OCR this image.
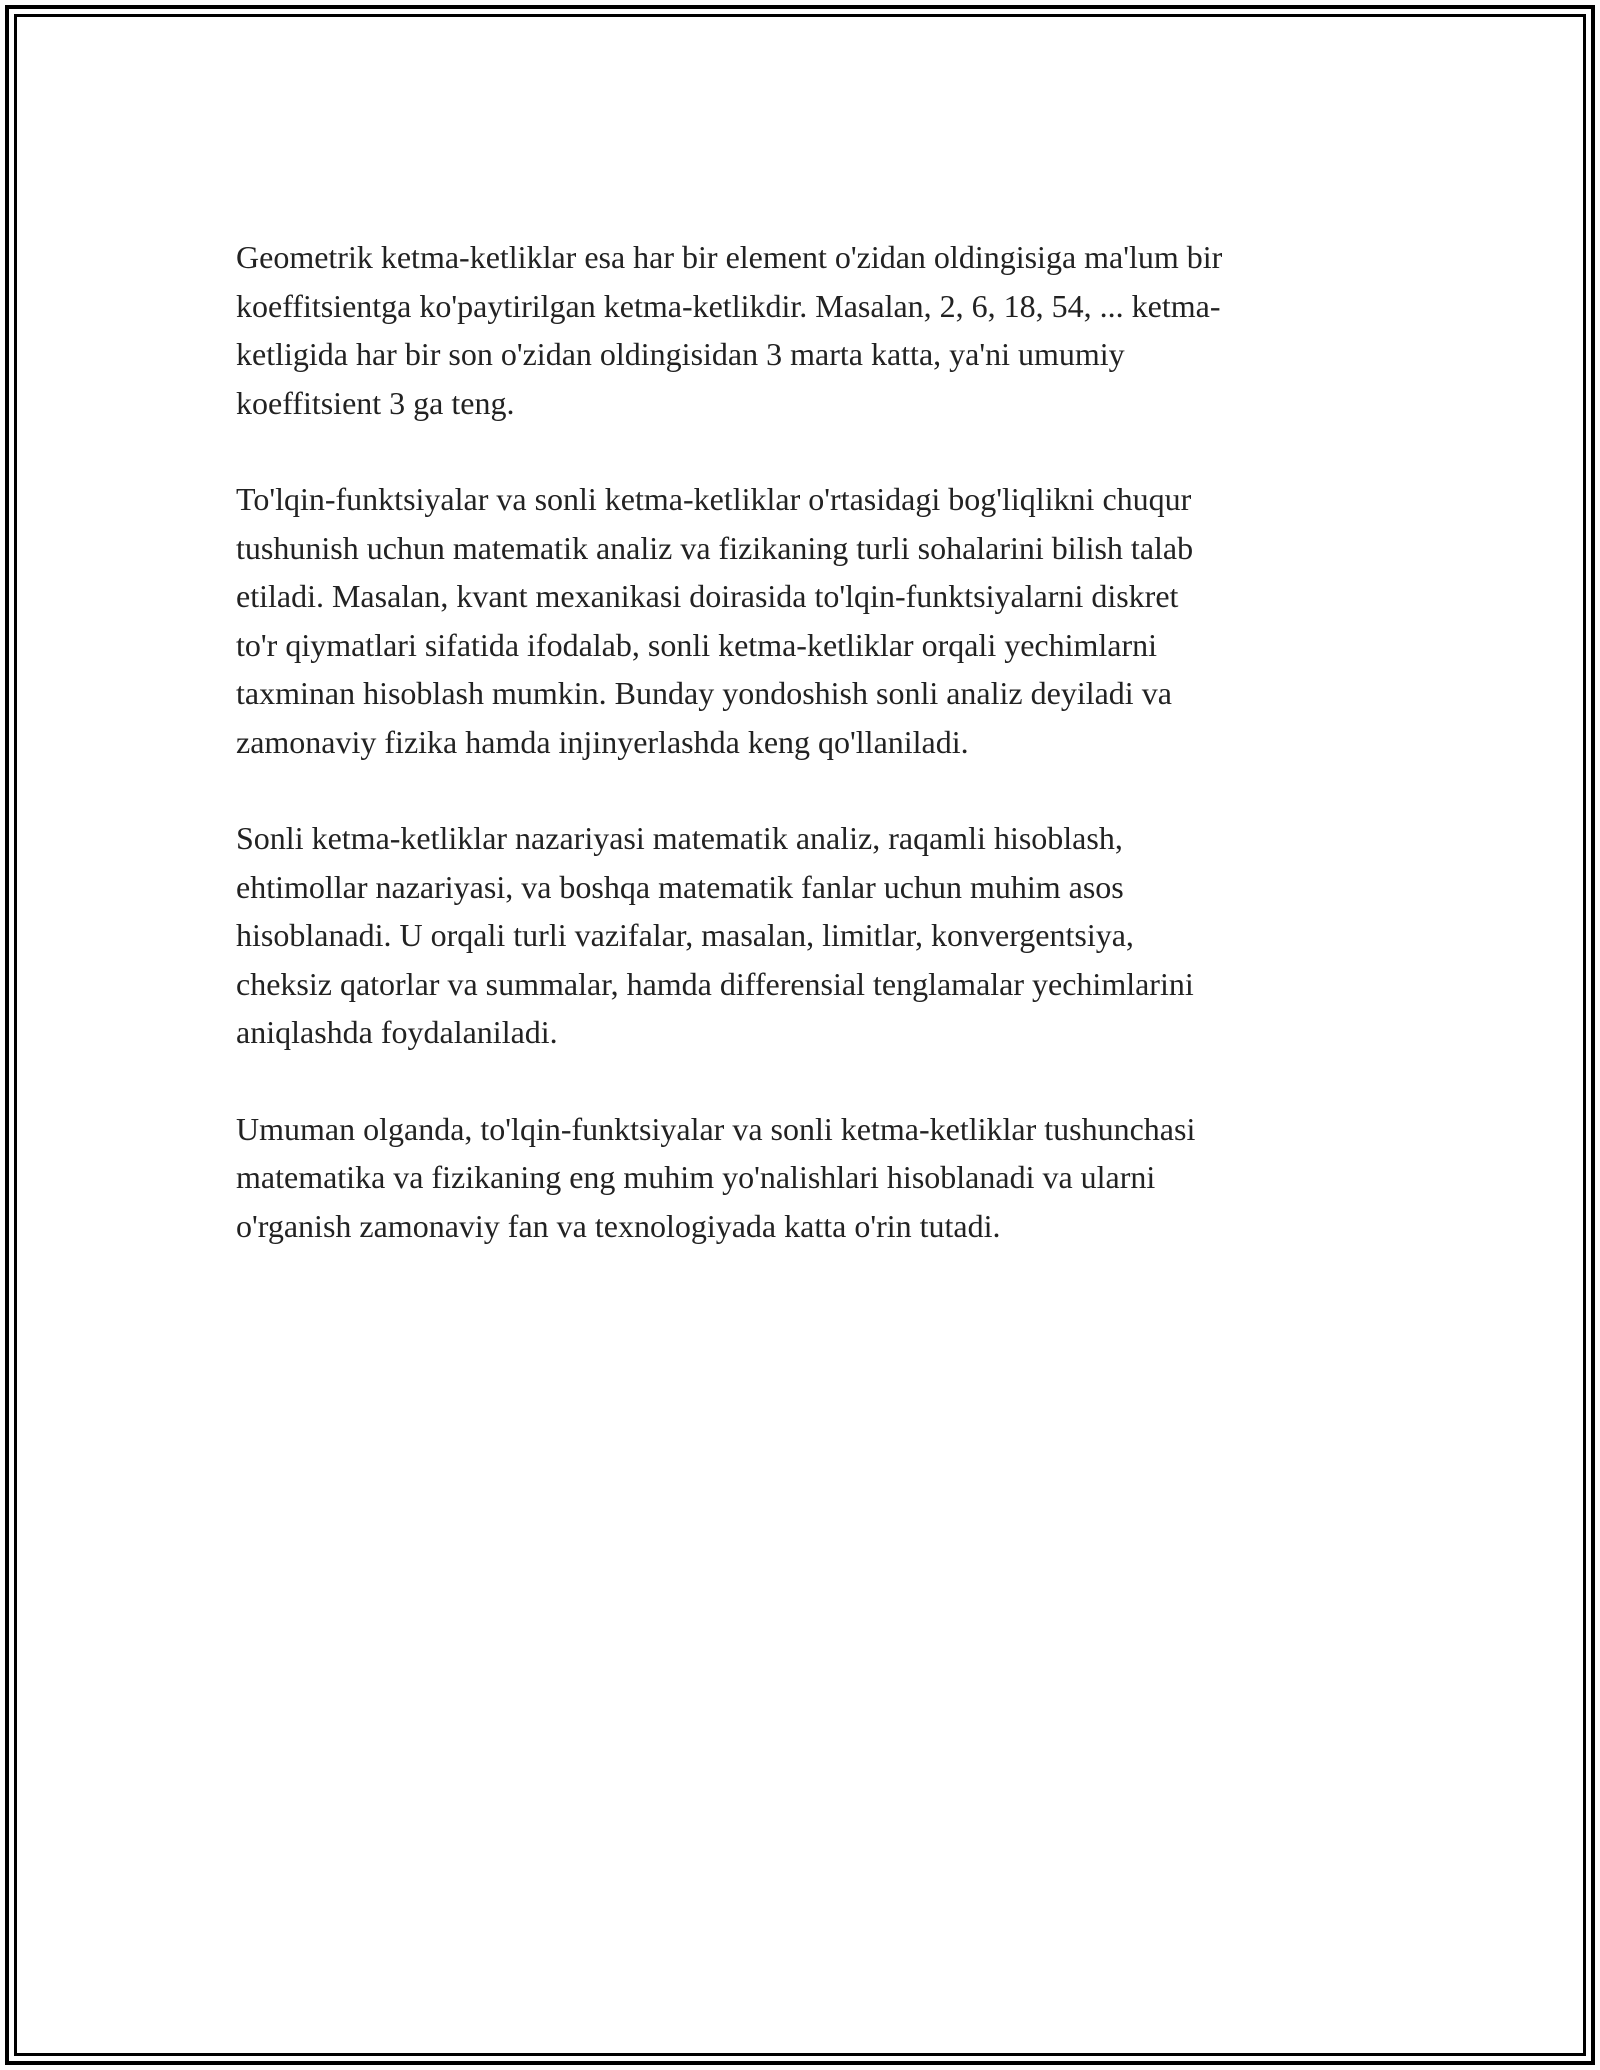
Geometrik ketma-ketliklar esa har bir element o'zidan oldingisiga ma'lum bir
koeffitsientga ko'paytirilgan ketma-ketlikdir. Masalan, 2, 6, 18, 54, ... ketma-
ketligida har bir son o'zidan oldingisidan 3 marta katta, ya'ni umumiy
koeffitsient 3 ga teng.

To'lqin-funktsiyalar va sonli ketma-ketliklar o'rtasidagi bog'liqlikni chuqur
tushunish uchun matematik analiz va fizikaning turli sohalarini bilish talab
etiladi. Masalan, kvant mexanikasi doirasida to'lqin-funktsiyalarni diskret
to'r qiymatlari sifatida ifodalab, sonli ketma-ketliklar orqali yechimlarni
taxminan hisoblash mumkin. Bunday yondoshish sonli analiz deyiladi va
zamonaviy fizika hamda injinyerlashda keng qo'llaniladi.

Sonli ketma-ketliklar nazariyasi matematik analiz, raqamli hisoblash,
ehtimollar nazariyasi, va boshqa matematik fanlar uchun muhim asos
hisoblanadi. U orqali turli vazifalar, masalan, limitlar, konvergentsiya,
cheksiz qatorlar va summalar, hamda differensial tenglamalar yechimlarini
aniqlashda foydalaniladi.

Umuman olganda, to'lqin-funktsiyalar va sonli ketma-ketliklar tushunchasi
matematika va fizikaning eng muhim yo'nalishlari hisoblanadi va ularni
o'rganish zamonaviy fan va texnologiyada katta o'rin tutadi.
